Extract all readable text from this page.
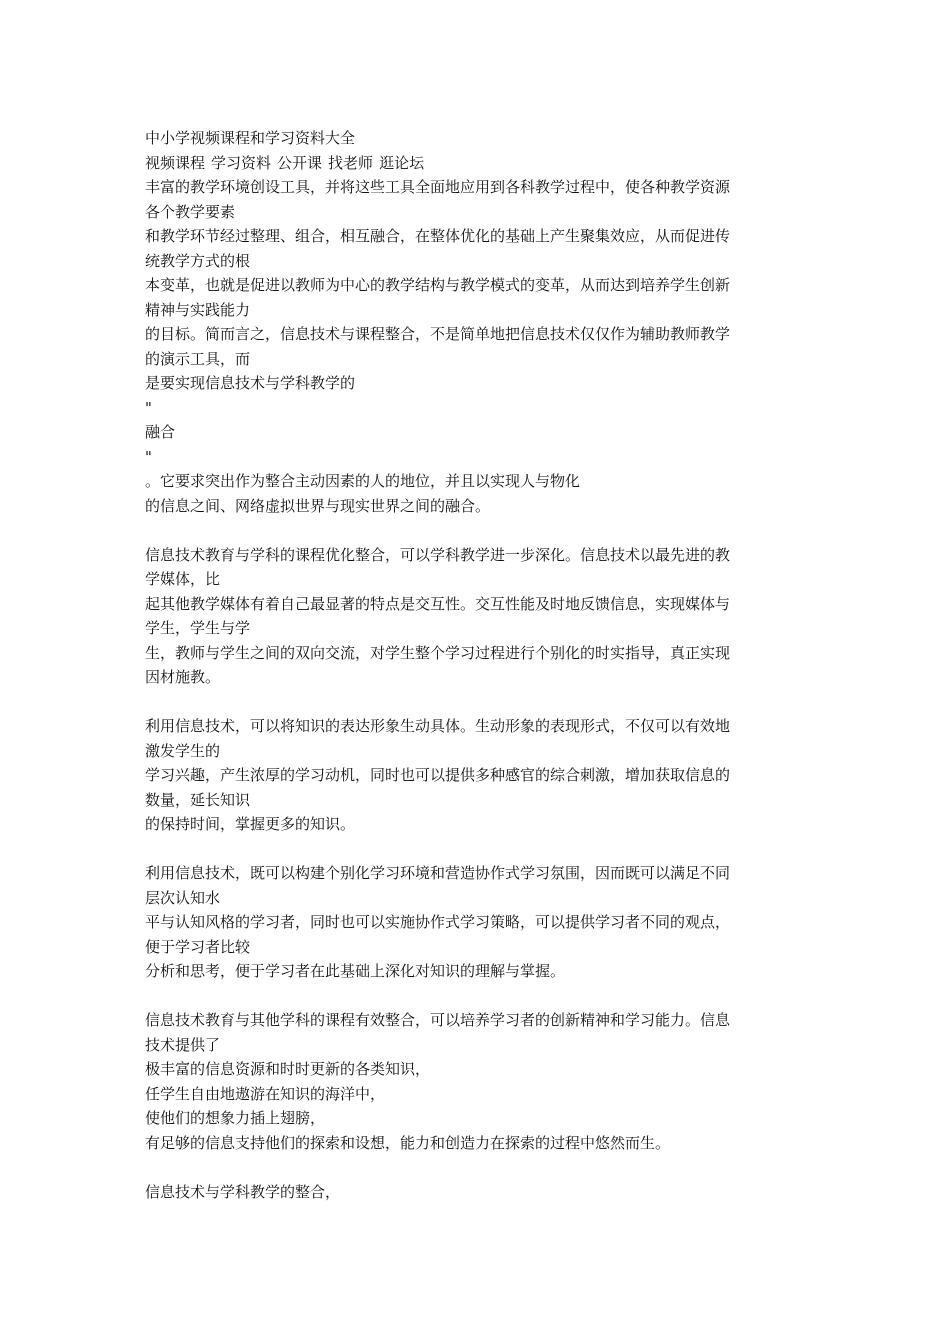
中小学视频课程和学习资料大全
视频课程 学习资料 公开课 找老师 逛论坛
丰富的教学环境创设工具，并将这些工具全面地应用到各科教学过程中，使各种教学资源
各个教学要素
和教学环节经过整理、组合，相互融合，在整体优化的基础上产生聚集效应，从而促进传
统教学方式的根
本变革，也就是促进以教师为中心的教学结构与教学模式的变革，从而达到培养学生创新
精神与实践能力
的目标。简而言之，信息技术与课程整合，不是简单地把信息技术仅仅作为辅助教师教学
的演示工具，而
是要实现信息技术与学科教学的
"
融合
"
。它要求突出作为整合主动因素的人的地位，并且以实现人与物化
的信息之间、网络虚拟世界与现实世界之间的融合。
信息技术教育与学科的课程优化整合，可以学科教学进一步深化。信息技术以最先进的教
学媒体，比
起其他教学媒体有着自己最显著的特点是交互性。交互性能及时地反馈信息，实现媒体与
学生，学生与学
生，教师与学生之间的双向交流，对学生整个学习过程进行个别化的时实指导，真正实现
因材施教。
利用信息技术，可以将知识的表达形象生动具体。生动形象的表现形式，不仅可以有效地
激发学生的
学习兴趣，产生浓厚的学习动机，同时也可以提供多种感官的综合刺激，增加获取信息的
数量，延长知识
的保持时间，掌握更多的知识。
利用信息技术，既可以构建个别化学习环境和营造协作式学习氛围，因而既可以满足不同
层次认知水
平与认知风格的学习者，同时也可以实施协作式学习策略，可以提供学习者不同的观点，
便于学习者比较
分析和思考，便于学习者在此基础上深化对知识的理解与掌握。
信息技术教育与其他学科的课程有效整合，可以培养学习者的创新精神和学习能力。信息
技术提供了
极丰富的信息资源和时时更新的各类知识，
任学生自由地遨游在知识的海洋中，
使他们的想象力插上翅膀，
有足够的信息支持他们的探索和设想，能力和创造力在探索的过程中悠然而生。
信息技术与学科教学的整合，
